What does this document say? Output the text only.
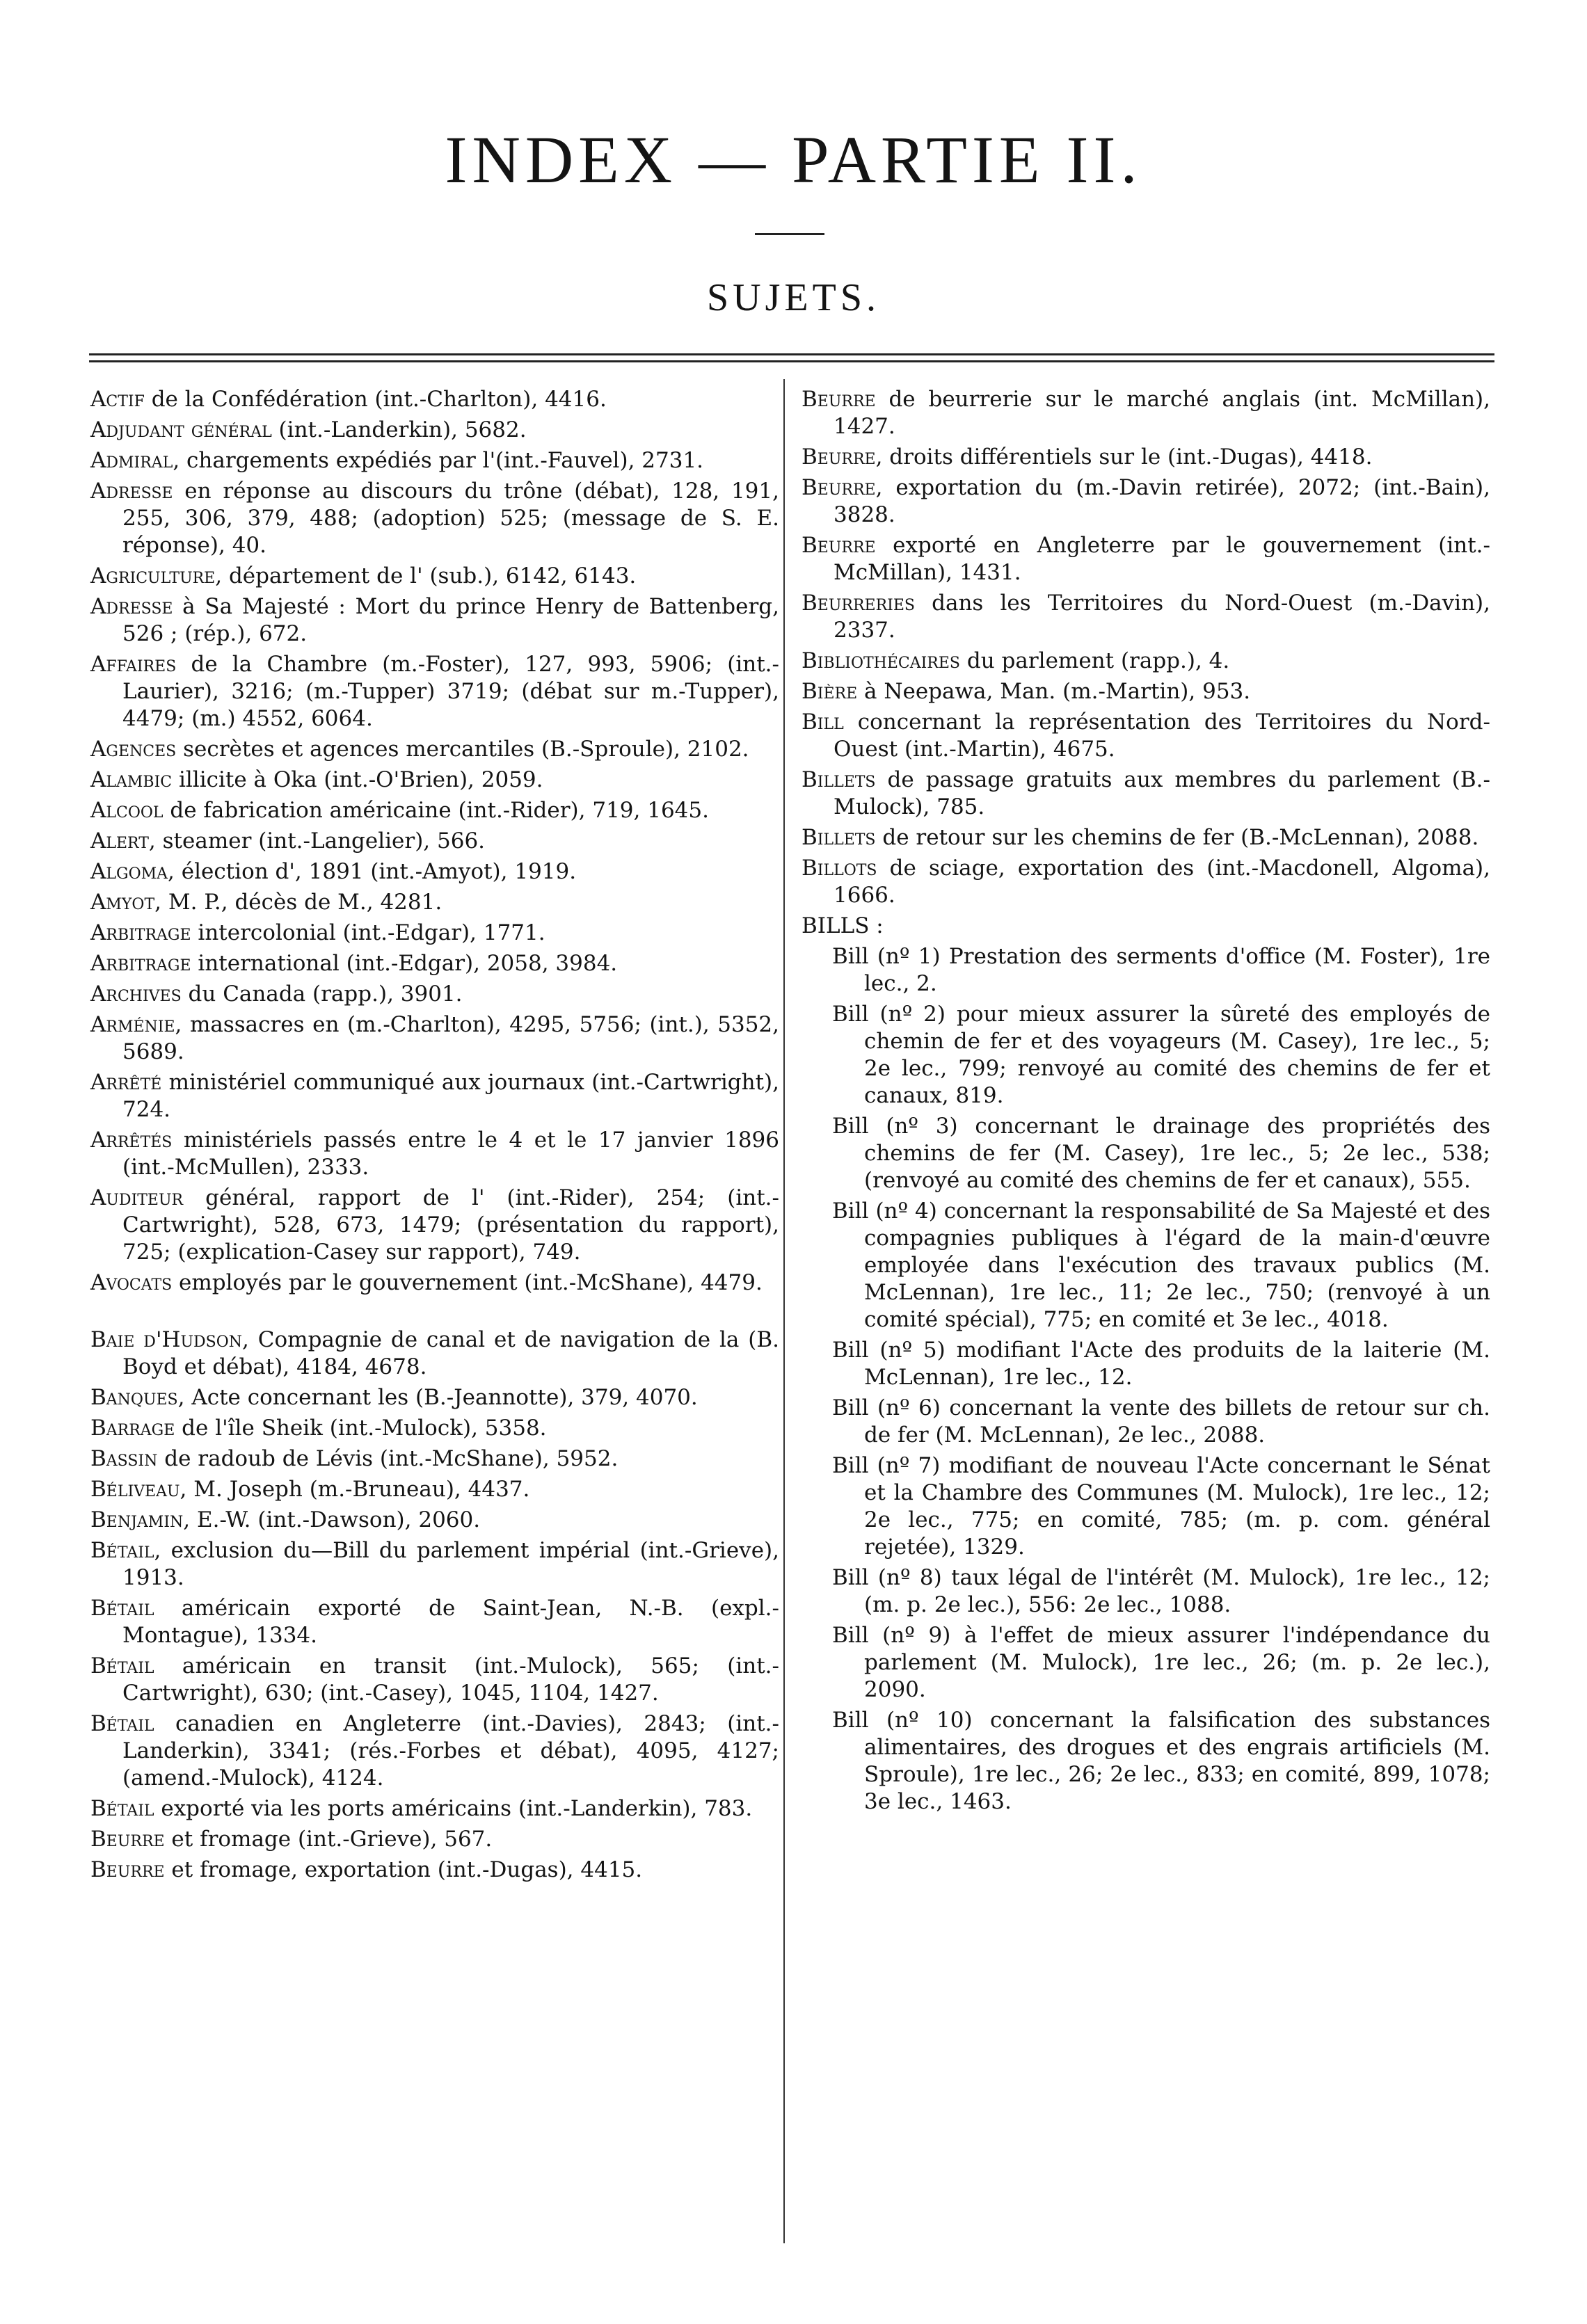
INDEX — PARTIE II.
SUJETS.

Actif de la Confédération (int.-Charlton), 4416.

Adjudant général (int.-Landerkin), 5682.

Admiral, chargements expédiés par l'(int.-Fauvel), 2731.

Adresse en réponse au discours du trône (débat), 128, 191, 255, 306, 379, 488; (adoption) 525; (message de S. E. réponse), 40.

Agriculture, département de l' (sub.), 6142, 6143.

Adresse à Sa Majesté : Mort du prince Henry de Battenberg, 526 ; (rép.), 672.

Affaires de la Chambre (m.-Foster), 127, 993, 5906; (int.-Laurier), 3216; (m.-Tupper) 3719; (débat sur m.-Tupper), 4479; (m.) 4552, 6064.

Agences secrètes et agences mercantiles (B.-Sproule), 2102.

Alambic illicite à Oka (int.-O'Brien), 2059.

Alcool de fabrication américaine (int.-Rider), 719, 1645.

Alert, steamer (int.-Langelier), 566.

Algoma, élection d', 1891 (int.-Amyot), 1919.

Amyot, M. P., décès de M., 4281.

Arbitrage intercolonial (int.-Edgar), 1771.

Arbitrage international (int.-Edgar), 2058, 3984.

Archives du Canada (rapp.), 3901.

Arménie, massacres en (m.-Charlton), 4295, 5756; (int.), 5352, 5689.

Arrêté ministériel communiqué aux journaux (int.-Cartwright), 724.

Arrêtés ministériels passés entre le 4 et le 17 janvier 1896 (int.-McMullen), 2333.

Auditeur général, rapport de l' (int.-Rider), 254; (int.-Cartwright), 528, 673, 1479; (présentation du rapport), 725; (explication-Casey sur rapport), 749.

Avocats employés par le gouvernement (int.-McShane), 4479.

Baie d'Hudson, Compagnie de canal et de navigation de la (B. Boyd et débat), 4184, 4678.

Banques, Acte concernant les (B.-Jeannotte), 379, 4070.

Barrage de l'île Sheik (int.-Mulock), 5358.

Bassin de radoub de Lévis (int.-McShane), 5952.

Béliveau, M. Joseph (m.-Bruneau), 4437.

Benjamin, E.-W. (int.-Dawson), 2060.

Bétail, exclusion du—Bill du parlement impérial (int.-Grieve), 1913.

Bétail américain exporté de Saint-Jean, N.-B. (expl.-Montague), 1334.

Bétail américain en transit (int.-Mulock), 565; (int.-Cartwright), 630; (int.-Casey), 1045, 1104, 1427.

Bétail canadien en Angleterre (int.-Davies), 2843; (int.-Landerkin), 3341; (rés.-Forbes et débat), 4095, 4127; (amend.-Mulock), 4124.

Bétail exporté via les ports américains (int.-Landerkin), 783.

Beurre et fromage (int.-Grieve), 567.

Beurre et fromage, exportation (int.-Dugas), 4415.

Beurre de beurrerie sur le marché anglais (int. McMillan), 1427.

Beurre, droits différentiels sur le (int.-Dugas), 4418.

Beurre, exportation du (m.-Davin retirée), 2072; (int.-Bain), 3828.

Beurre exporté en Angleterre par le gouvernement (int.-McMillan), 1431.

Beurreries dans les Territoires du Nord-Ouest (m.-Davin), 2337.

Bibliothécaires du parlement (rapp.), 4.

Bière à Neepawa, Man. (m.-Martin), 953.

Bill concernant la représentation des Territoires du Nord-Ouest (int.-Martin), 4675.

Billets de passage gratuits aux membres du parlement (B.-Mulock), 785.

Billets de retour sur les chemins de fer (B.-McLennan), 2088.

Billots de sciage, exportation des (int.-Macdonell, Algoma), 1666.

BILLS :

Bill (nº 1) Prestation des serments d'office (M. Foster), 1re lec., 2.

Bill (nº 2) pour mieux assurer la sûreté des employés de chemin de fer et des voyageurs (M. Casey), 1re lec., 5; 2e lec., 799; renvoyé au comité des chemins de fer et canaux, 819.

Bill (nº 3) concernant le drainage des propriétés des chemins de fer (M. Casey), 1re lec., 5; 2e lec., 538; (renvoyé au comité des chemins de fer et canaux), 555.

Bill (nº 4) concernant la responsabilité de Sa Majesté et des compagnies publiques à l'égard de la main-d'œuvre employée dans l'exécution des travaux publics (M. McLennan), 1re lec., 11; 2e lec., 750; (renvoyé à un comité spécial), 775; en comité et 3e lec., 4018.

Bill (nº 5) modifiant l'Acte des produits de la laiterie (M. McLennan), 1re lec., 12.

Bill (nº 6) concernant la vente des billets de retour sur ch. de fer (M. McLennan), 2e lec., 2088.

Bill (nº 7) modifiant de nouveau l'Acte concernant le Sénat et la Chambre des Communes (M. Mulock), 1re lec., 12; 2e lec., 775; en comité, 785; (m. p. com. général rejetée), 1329.

Bill (nº 8) taux légal de l'intérêt (M. Mulock), 1re lec., 12; (m. p. 2e lec.), 556: 2e lec., 1088.

Bill (nº 9) à l'effet de mieux assurer l'indépendance du parlement (M. Mulock), 1re lec., 26; (m. p. 2e lec.), 2090.

Bill (nº 10) concernant la falsification des substances alimentaires, des drogues et des engrais artificiels (M. Sproule), 1re lec., 26; 2e lec., 833; en comité, 899, 1078; 3e lec., 1463.
